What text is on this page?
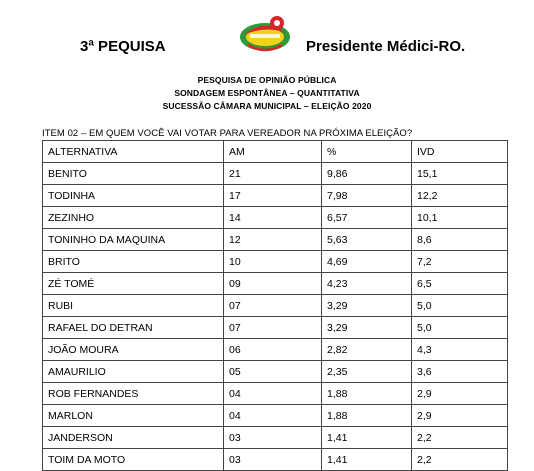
3ª PEQUISA	Presidente Médici-RO.
PESQUISA DE OPINIÃO PÚBLICA
SONDAGEM ESPONTÂNEA – QUANTITATIVA
SUCESSÃO CÂMARA MUNICIPAL – ELEIÇÃO 2020
ITEM 02 – EM QUEM VOCÊ VAI VOTAR PARA VEREADOR NA PRÓXIMA ELEIÇÃO?
ALTERNATIVA	AM	%	IVD
BENITO	21	9,86	15,1
TODINHA	17	7,98	12,2
ZEZINHO	14	6,57	10,1
TONINHO DA MAQUINA	12	5,63	8,6
BRITO	10	4,69	7,2
ZÉ TOMÉ	09	4,23	6,5
RUBI	07	3,29	5,0
RAFAEL DO DETRAN	07	3,29	5,0
JOÃO MOURA	06	2,82	4,3
AMAURILIO	05	2,35	3,6
ROB FERNANDES	04	1,88	2,9
MARLON	04	1,88	2,9
JANDERSON	03	1,41	2,2
TOIM DA MOTO	03	1,41	2,2
